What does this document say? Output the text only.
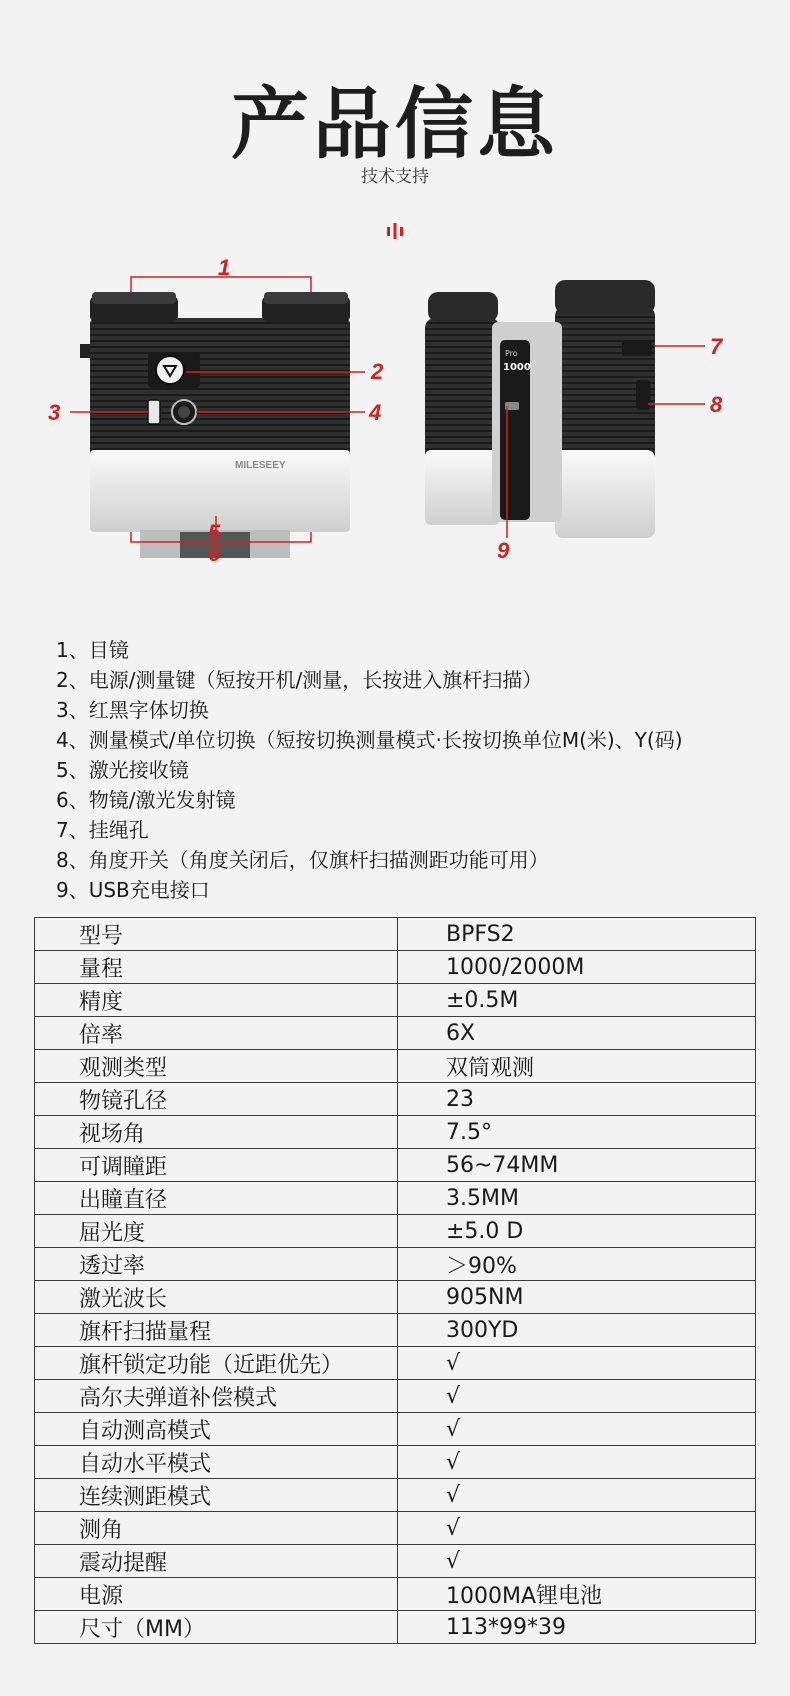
产品信息
技术支持
MILESEEY
Pro
1000
1
2
3	4
5
6
7
8
9
1、目镜
2、电源/测量键（短按开机/测量，长按进入旗杆扫描）
3、红黑字体切换
4、测量模式/单位切换（短按切换测量模式·长按切换单位M(米)、Y(码)
5、激光接收镜
6、物镜/激光发射镜
7、挂绳孔
8、角度开关（角度关闭后，仅旗杆扫描测距功能可用）
9、USB充电接口
型号	BPFS2
量程	1000/2000M
精度	±0.5M
倍率	6X
观测类型	双筒观测
物镜孔径	23
视场角	7.5°
可调瞳距	56~74MM
出瞳直径	3.5MM
屈光度	±5.0 D
透过率	＞90%
激光波长	905NM
旗杆扫描量程	300YD
旗杆锁定功能（近距优先）	√
高尔夫弹道补偿模式	√
自动测高模式	√
自动水平模式	√
连续测距模式	√
测角	√
震动提醒	√
电源	1000MA锂电池
尺寸（MM）	113*99*39
